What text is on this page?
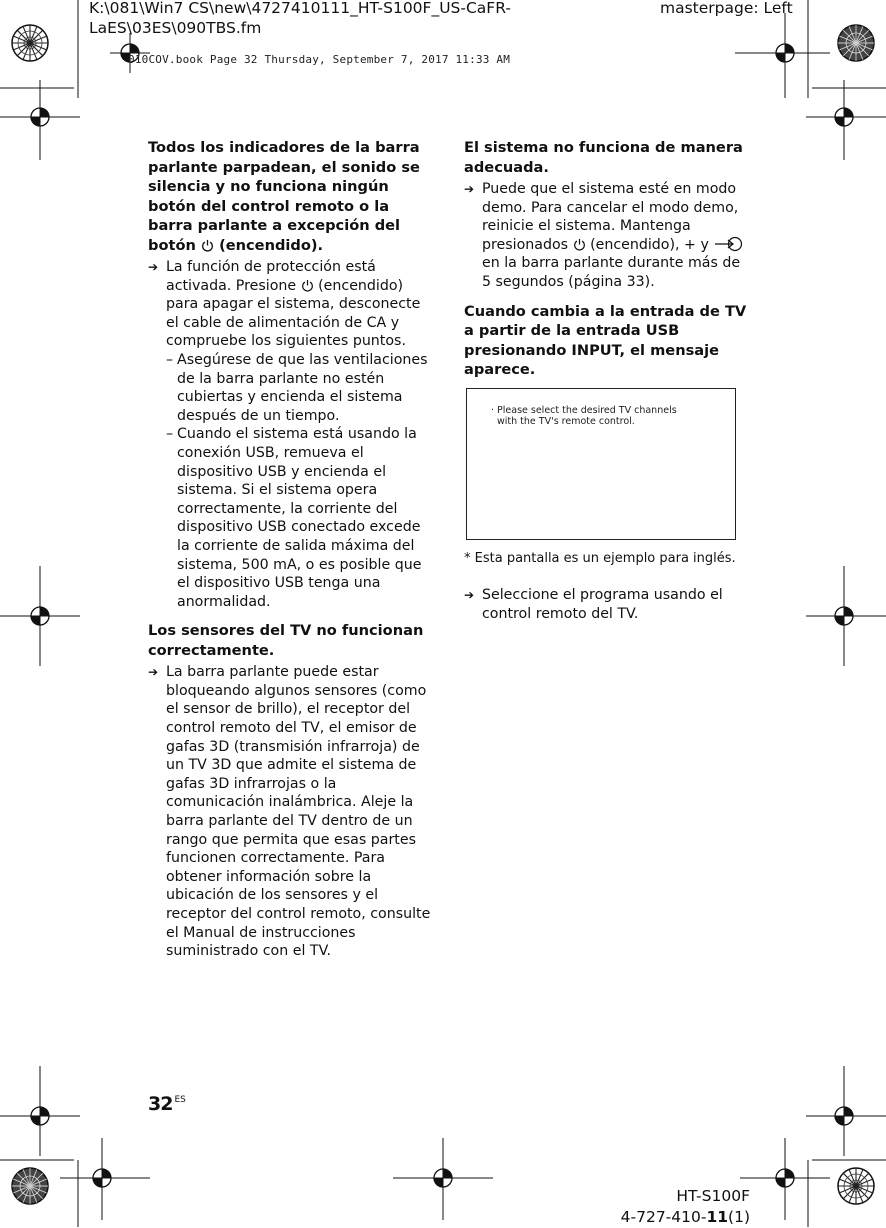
K:\081\Win7 CS\new\4727410111_HT-S100F_US-CaFR-LaES\03ES\090TBS.fm
masterpage: Left
010COV.book Page 32 Thursday, September 7, 2017 11:33 AM
Todos los indicadores de la barra parlante parpadean, el sonido se silencia y no funciona ningún botón del control remoto o la barra parlante a excepción del botón (encendido).
➔ La función de protección está activada. Presione (encendido) para apagar el sistema, desconecte el cable de alimentación de CA y compruebe los siguientes puntos.
– Asegúrese de que las ventilaciones de la barra parlante no estén cubiertas y encienda el sistema después de un tiempo.
– Cuando el sistema está usando la conexión USB, remueva el dispositivo USB y encienda el sistema. Si el sistema opera correctamente, la corriente del dispositivo USB conectado excede la corriente de salida máxima del sistema, 500 mA, o es posible que el dispositivo USB tenga una anormalidad.
Los sensores del TV no funcionan correctamente.
➔ La barra parlante puede estar bloqueando algunos sensores (como el sensor de brillo), el receptor del control remoto del TV, el emisor de gafas 3D (transmisión infrarroja) de un TV 3D que admite el sistema de gafas 3D infrarrojas o la comunicación inalámbrica. Aleje la barra parlante del TV dentro de un rango que permita que esas partes funcionen correctamente. Para obtener información sobre la ubicación de los sensores y el receptor del control remoto, consulte el Manual de instrucciones suministrado con el TV.
El sistema no funciona de manera adecuada.
➔ Puede que el sistema esté en modo demo. Para cancelar el modo demo, reinicie el sistema. Mantenga presionados (encendido), + y  en la barra parlante durante más de 5 segundos (página 33).
Cuando cambia a la entrada de TV a partir de la entrada USB presionando INPUT, el mensaje aparece.
· Please select the desired TV channels
with the TV's remote control.

* Esta pantalla es un ejemplo para inglés.

➔ Seleccione el programa usando el control remoto del TV.
32 $^{ES}$
HT-S100F
4-727-410-11(1)
